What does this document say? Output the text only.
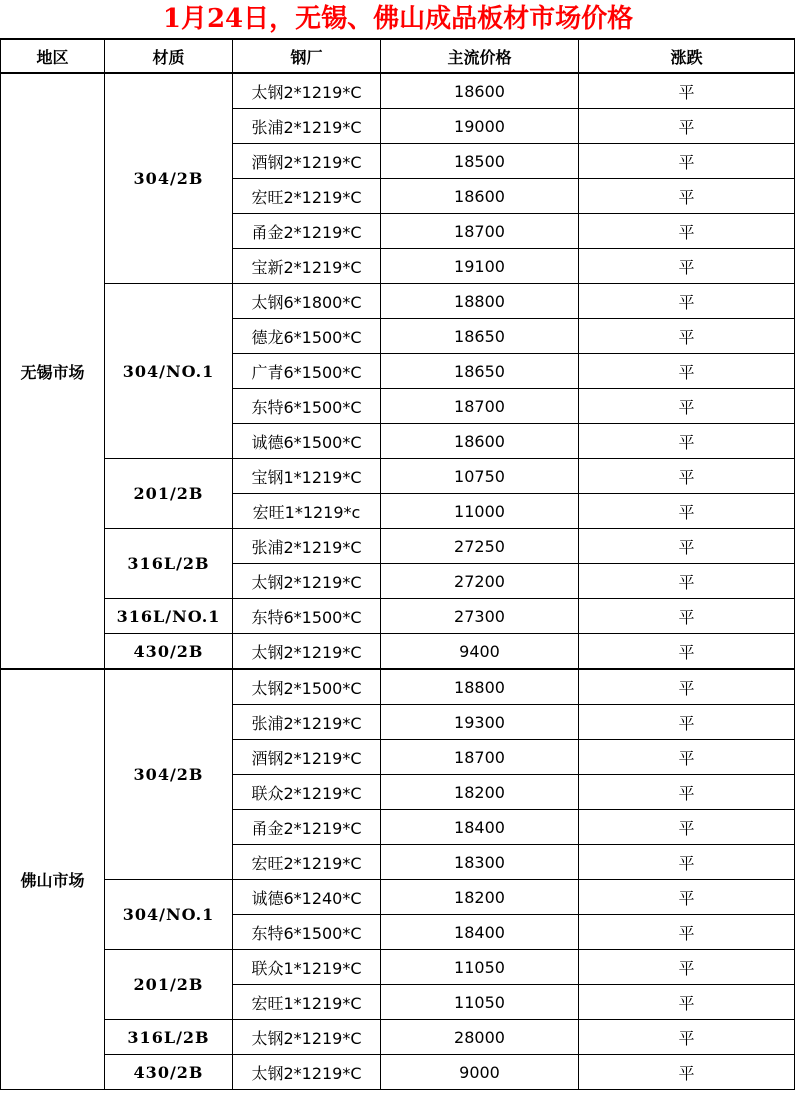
1月24日，无锡、佛山成品板材市场价格
地区	材质	钢厂	主流价格	涨跌
无锡市场	304/2B	太钢2*1219*C	18600	平
		张浦2*1219*C	19000	平
		酒钢2*1219*C	18500	平
		宏旺2*1219*C	18600	平
		甬金2*1219*C	18700	平
		宝新2*1219*C	19100	平
	304/NO.1	太钢6*1800*C	18800	平
		德龙6*1500*C	18650	平
		广青6*1500*C	18650	平
		东特6*1500*C	18700	平
		诚德6*1500*C	18600	平
	201/2B	宝钢1*1219*C	10750	平
		宏旺1*1219*c	11000	平
	316L/2B	张浦2*1219*C	27250	平
		太钢2*1219*C	27200	平
	316L/NO.1	东特6*1500*C	27300	平
	430/2B	太钢2*1219*C	9400	平
佛山市场	304/2B	太钢2*1500*C	18800	平
		张浦2*1219*C	19300	平
		酒钢2*1219*C	18700	平
		联众2*1219*C	18200	平
		甬金2*1219*C	18400	平
		宏旺2*1219*C	18300	平
	304/NO.1	诚德6*1240*C	18200	平
		东特6*1500*C	18400	平
	201/2B	联众1*1219*C	11050	平
		宏旺1*1219*C	11050	平
	316L/2B	太钢2*1219*C	28000	平
	430/2B	太钢2*1219*C	9000	平
